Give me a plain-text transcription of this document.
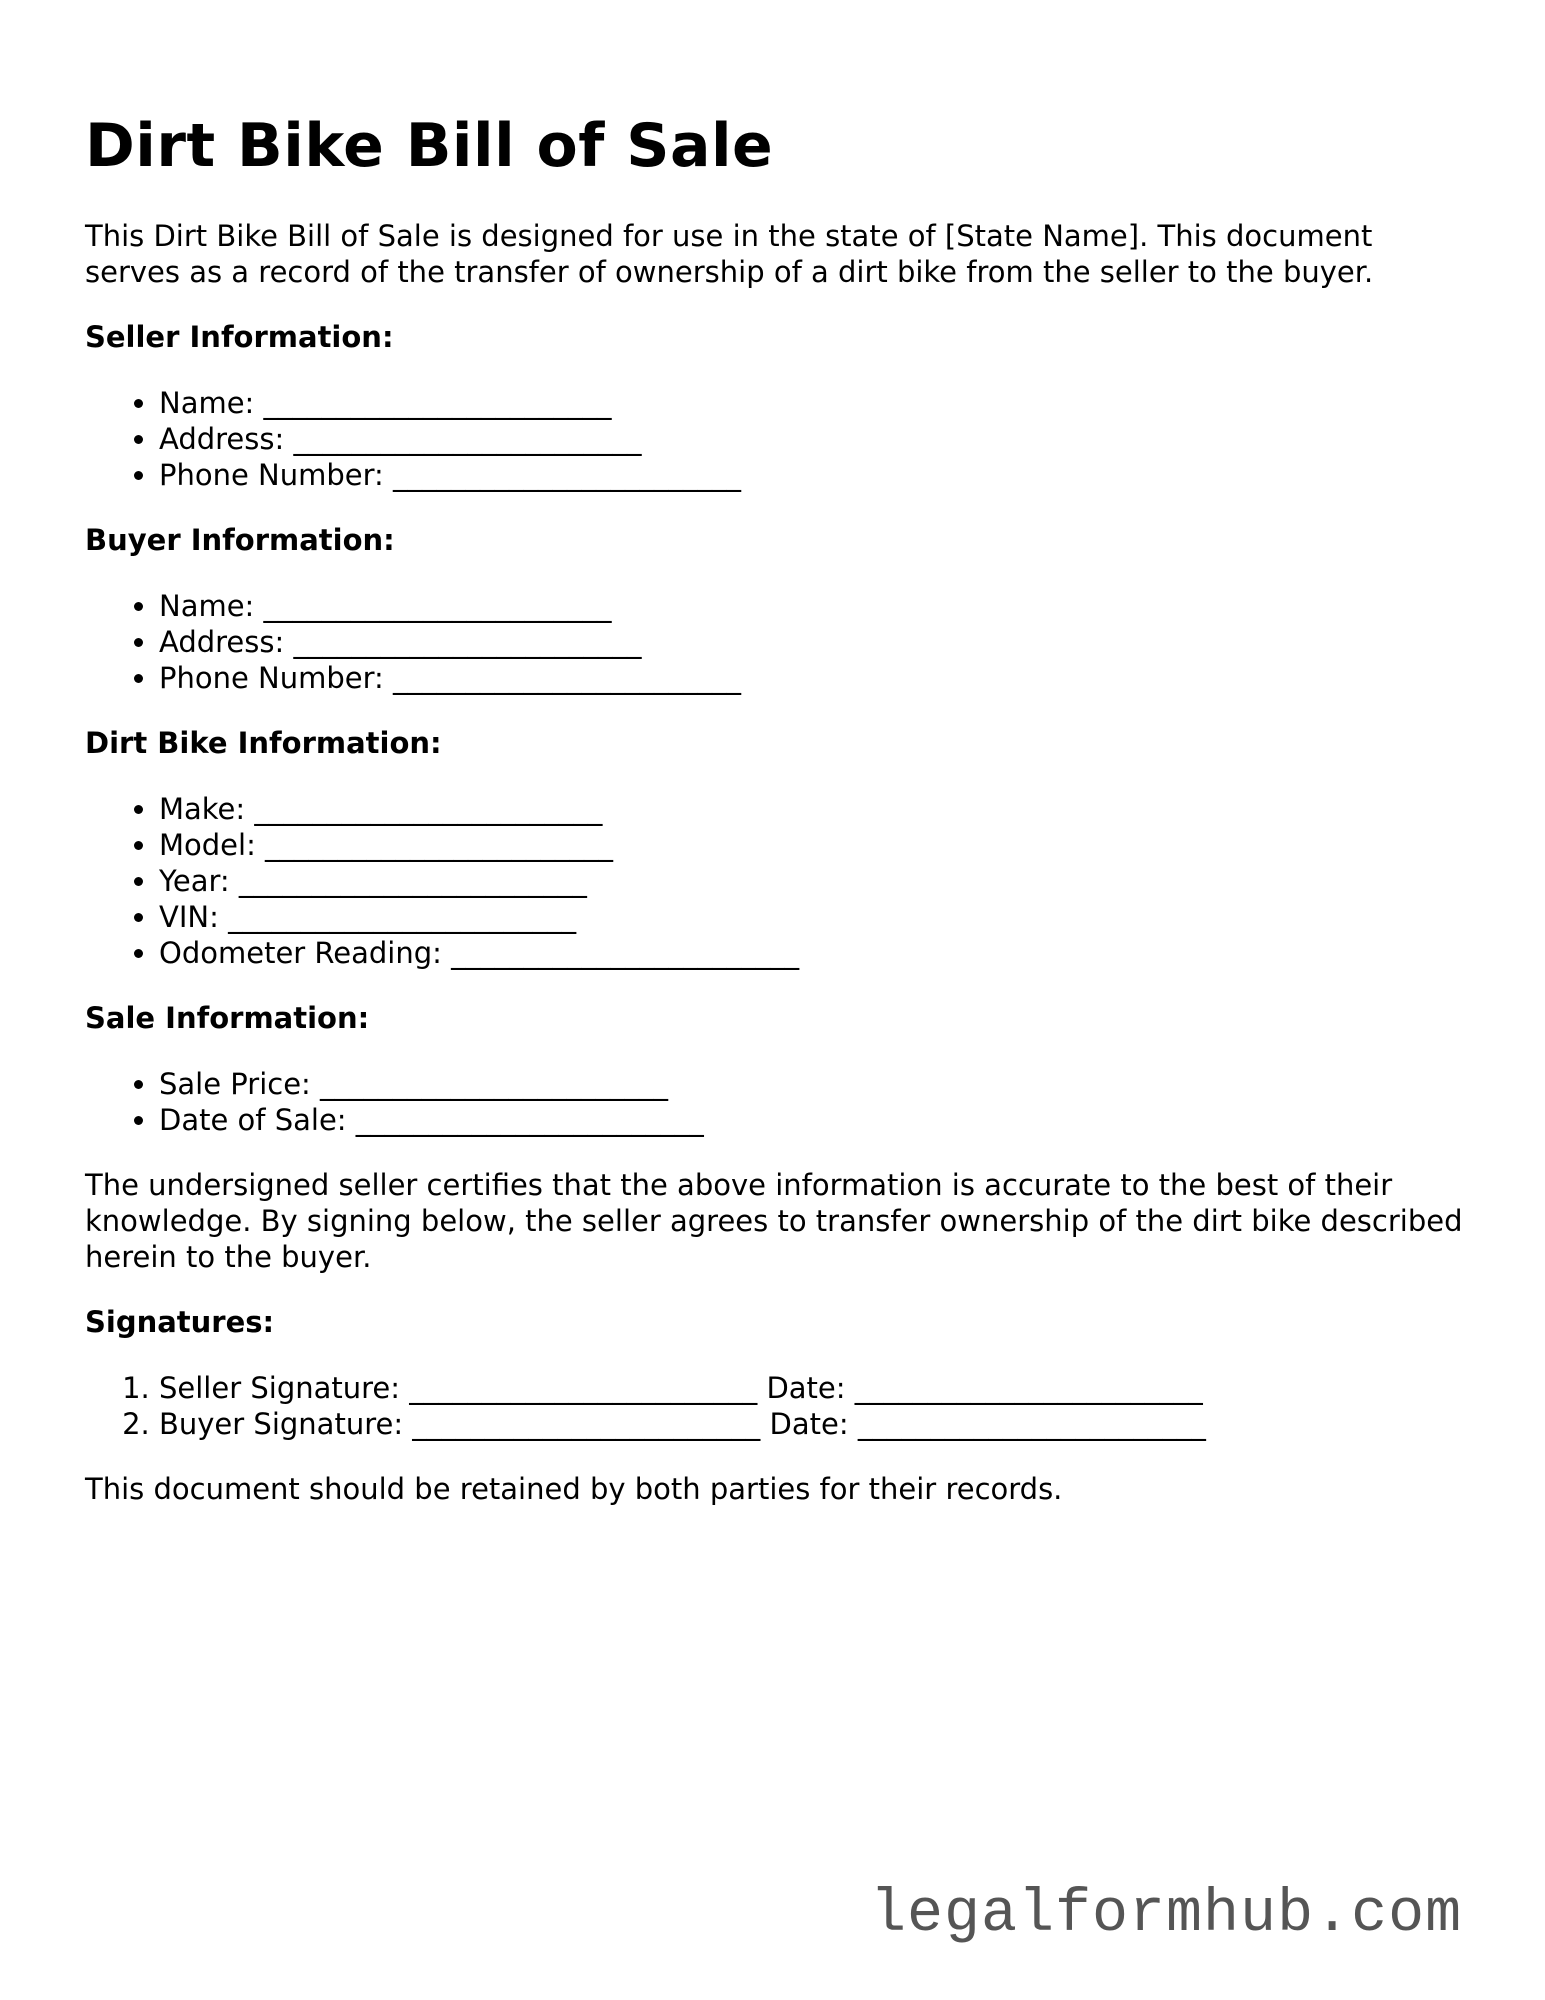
Dirt Bike Bill of Sale

This Dirt Bike Bill of Sale is designed for use in the state of [State Name]. This document serves as a record of the transfer of ownership of a dirt bike from the seller to the buyer.

Seller Information:
• Name: ________________________
• Address: ________________________
• Phone Number: ________________________
Buyer Information:
• Name: ________________________
• Address: ________________________
• Phone Number: ________________________
Dirt Bike Information:
• Make: ________________________
• Model: ________________________
• Year: ________________________
• VIN: ________________________
• Odometer Reading: ________________________
Sale Information:
• Sale Price: ________________________
• Date of Sale: ________________________

The undersigned seller certifies that the above information is accurate to the best of their knowledge. By signing below, the seller agrees to transfer ownership of the dirt bike described herein to the buyer.

Signatures:
1. Seller Signature: ________________________ Date: ________________________
2. Buyer Signature: ________________________ Date: ________________________

This document should be retained by both parties for their records.

legalformhub.com
